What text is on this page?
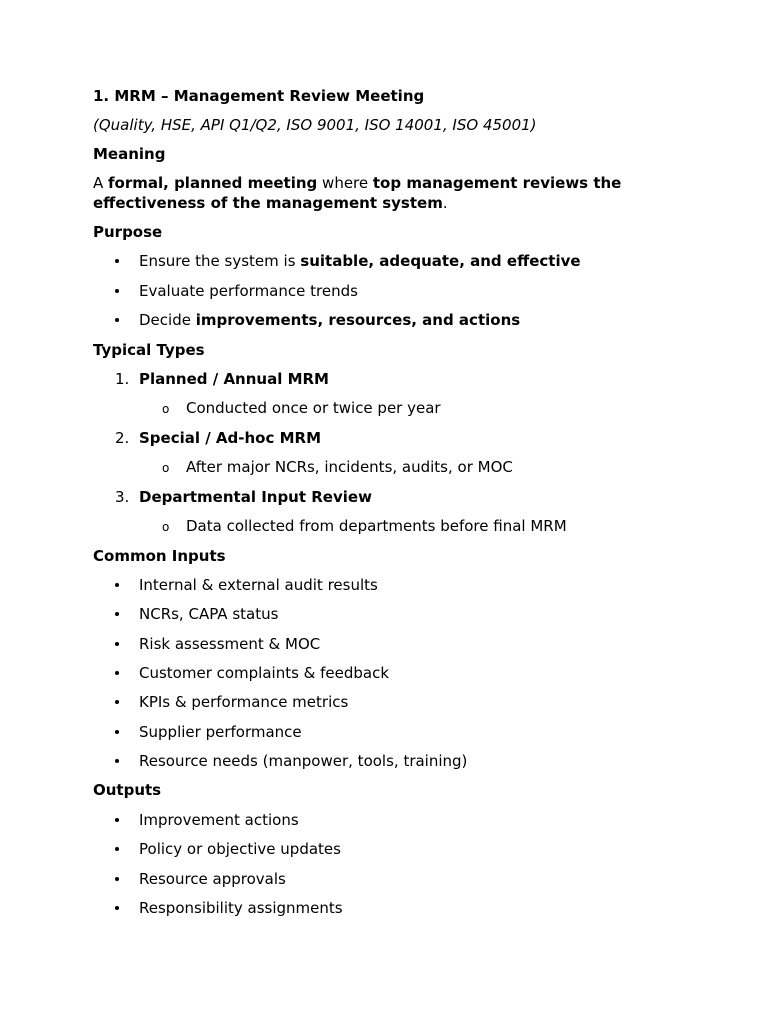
1. MRM – Management Review Meeting
(Quality, HSE, API Q1/Q2, ISO 9001, ISO 14001, ISO 45001)
Meaning
A formal, planned meeting where top management reviews the effectiveness of the management system.
Purpose
Ensure the system is suitable, adequate, and effective
Evaluate performance trends
Decide improvements, resources, and actions
Typical Types
1. Planned / Annual MRM
o Conducted once or twice per year
2. Special / Ad-hoc MRM
o After major NCRs, incidents, audits, or MOC
3. Departmental Input Review
o Data collected from departments before final MRM
Common Inputs
Internal & external audit results
NCRs, CAPA status
Risk assessment & MOC
Customer complaints & feedback
KPIs & performance metrics
Supplier performance
Resource needs (manpower, tools, training)
Outputs
Improvement actions
Policy or objective updates
Resource approvals
Responsibility assignments
